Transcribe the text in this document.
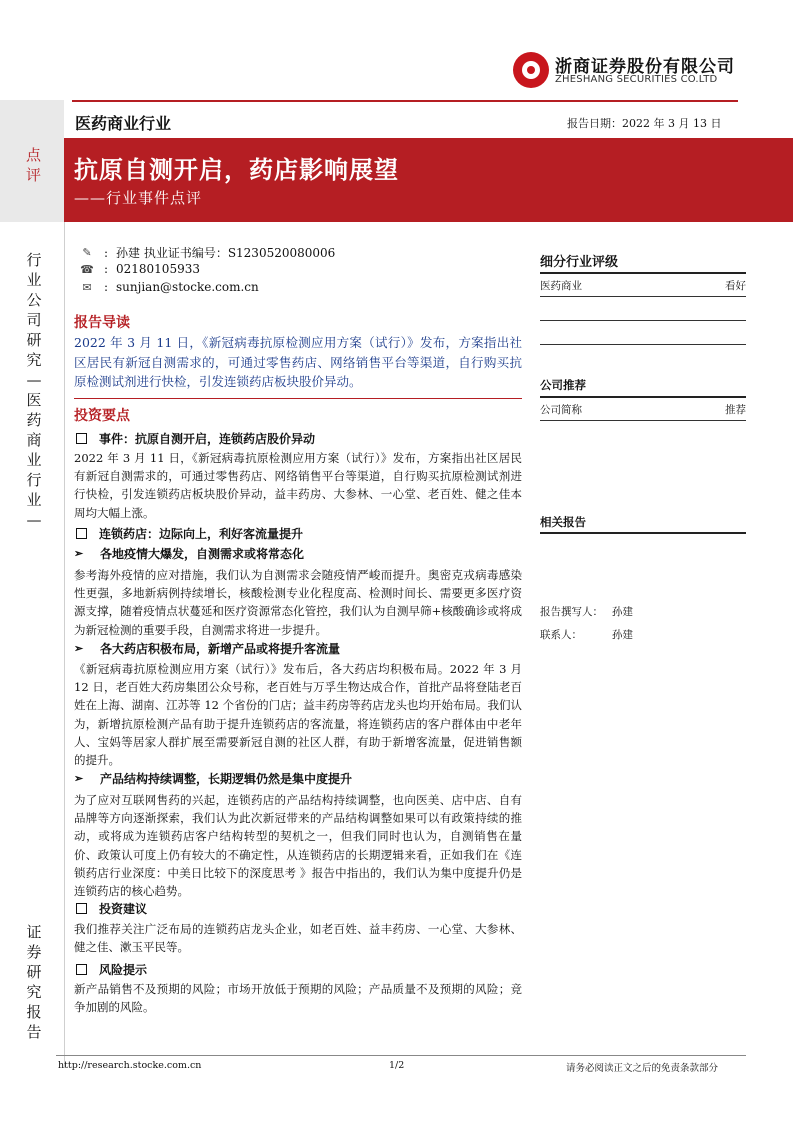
浙商证券股份有限公司
ZHESHANG SECURITIES CO.LTD
医药商业行业	报告日期：2022 年 3 月 13 日
点评 抗原自测开启，药店影响展望
——行业事件点评
行业公司研究—医药商业行业—
证券研究报告
✎	: 孙建 执业证书编号：S1230520080006
☎ : 02180105933
✉	: sunjian@stocke.com.cn
报告导读
2022 年 3 月 11 日，《新冠病毒抗原检测应用方案（试行）》发布，方案指出社区居民有新冠自测需求的，可通过零售药店、网络销售平台等渠道，自行购买抗原检测试剂进行快检，引发连锁药店板块股价异动。
投资要点
事件：抗原自测开启，连锁药店股价异动
2022 年 3 月 11 日，《新冠病毒抗原检测应用方案（试行）》发布，方案指出社区居民有新冠自测需求的，可通过零售药店、网络销售平台等渠道，自行购买抗原检测试剂进行快检，引发连锁药店板块股价异动，益丰药房、大参林、一心堂、老百姓、健之佳本周均大幅上涨。
连锁药店：边际向上，利好客流量提升
➢	各地疫情大爆发，自测需求或将常态化
参考海外疫情的应对措施，我们认为自测需求会随疫情严峻而提升。奥密克戎病毒感染性更强，多地新病例持续增长，核酸检测专业化程度高、检测时间长、需要更多医疗资源支撑，随着疫情点状蔓延和医疗资源常态化管控，我们认为自测早筛+核酸确诊或将成为新冠检测的重要手段，自测需求将进一步提升。
➢	各大药店积极布局，新增产品或将提升客流量
《新冠病毒抗原检测应用方案（试行）》发布后，各大药店均积极布局。2022 年 3 月 12 日，老百姓大药房集团公众号称，老百姓与万孚生物达成合作，首批产品将登陆老百姓在上海、湖南、江苏等 12 个省份的门店；益丰药房等药店龙头也均开始布局。我们认为，新增抗原检测产品有助于提升连锁药店的客流量，将连锁药店的客户群体由中老年人、宝妈等居家人群扩展至需要新冠自测的社区人群，有助于新增客流量，促进销售额的提升。
➢	产品结构持续调整，长期逻辑仍然是集中度提升
为了应对互联网售药的兴起，连锁药店的产品结构持续调整，也向医美、店中店、自有品牌等方向逐渐探索，我们认为此次新冠带来的产品结构调整如果可以有政策持续的推动，或将成为连锁药店客户结构转型的契机之一，但我们同时也认为，自测销售在量价、政策认可度上仍有较大的不确定性，从连锁药店的长期逻辑来看，正如我们在《连锁药店行业深度：中美日比较下的深度思考 》报告中指出的，我们认为集中度提升仍是连锁药店的核心趋势。
投资建议
我们推荐关注广泛布局的连锁药店龙头企业，如老百姓、益丰药房、一心堂、大参林、健之佳、漱玉平民等。
风险提示
新产品销售不及预期的风险；市场开放低于预期的风险；产品质量不及预期的风险；竞争加剧的风险。
细分行业评级
医药商业	看好
公司推荐
公司简称	推荐
相关报告
报告撰写人： 孙建
联系人：	孙建
http://research.stocke.com.cn	1/2	请务必阅读正文之后的免责条款部分
